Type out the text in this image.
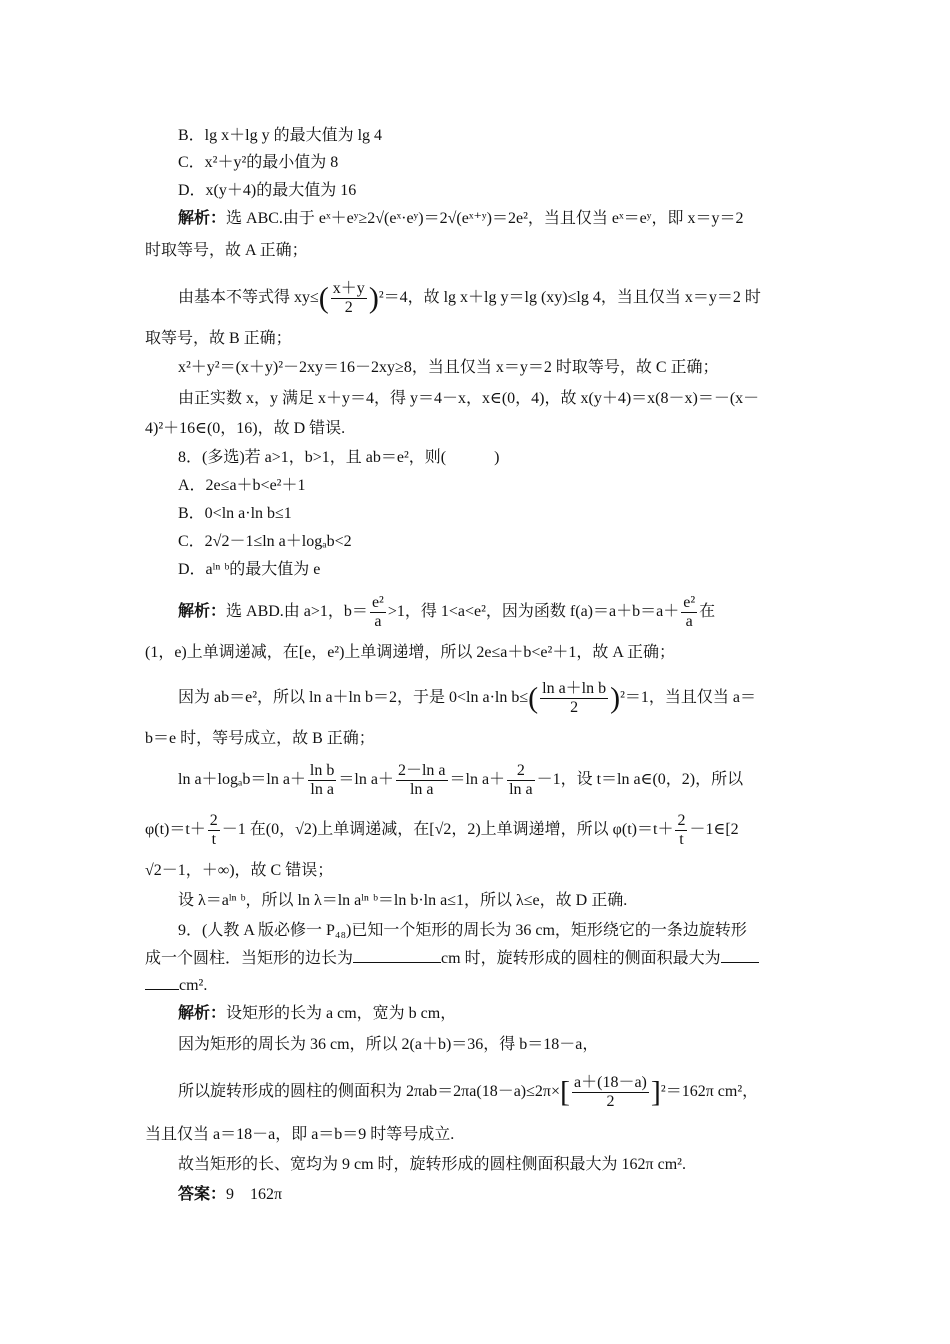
B．lg x＋lg y 的最大值为 lg 4
C．x²＋y²的最小值为 8
D．x(y＋4)的最大值为 16
解析：选 ABC.由于 eˣ＋eʸ≥2√(eˣ·eʸ)＝2√(eˣ⁺ʸ)＝2e²，当且仅当 eˣ＝eʸ，即 x＝y＝2
时取等号，故 A 正确；
由基本不等式得 $xy\le( \frac{x+y}{2} )^2=4$，故 lg x＋lg y＝lg (xy)≤lg 4，当且仅当 x＝y＝2 时
取等号，故 B 正确；
x²＋y²＝(x＋y)²－2xy＝16－2xy≥8，当且仅当 x＝y＝2 时取等号，故 C 正确；
由正实数 x，y 满足 x＋y＝4，得 y＝4－x，x∈(0，4)，故 x(y＋4)＝x(8－x)＝－(x－
4)²＋16∈(0，16)，故 D 错误.
8．(多选)若 a>1，b>1，且 ab＝e²，则(　　　)
A．2e≤a＋b<e²＋1
B．0<ln a·ln b≤1
C．2√2－1≤ln a＋logₐb<2
D．aˡⁿ ᵇ的最大值为 e
解析：选 ABD.由 a>1，$b= \frac{\text{e²}}{a} >1$，得 1<a<e²，因为函数 $f(a)=a+b=a+ \frac{\text{e²}}{a}$ 在
(1，e)上单调递减，在[e，e²)上单调递增，所以 2e≤a＋b<e²＋1，故 A 正确；
因为 ab＝e²，所以 ln a＋ln b＝2，于是 0<ln a·ln $b\le( \frac{\text{ln a＋ln b}}{2} )^2=1$，当且仅当 a＝
b＝e 时，等号成立，故 B 正确；
ln a＋logₐb＝ln $a+ \frac{\text{ln b}}{\text{ln a}} =\ln$ $a+ \frac{\text{2－ln a}}{\text{ln a}} =\ln$ $a+ \frac{2}{\text{ln a}} -1$，设 t＝ln a∈(0，2)，所以
$\varphi(t)=t+ \frac{2}{t} -1$ 在(0，√2)上单调递减，在[√2，2)上单调递增，所以 $\varphi(t)=t+ \frac{2}{t}$ －1∈[2
√2－1，＋∞)，故 C 错误；
设 λ＝aˡⁿ ᵇ，所以 ln λ＝ln aˡⁿ ᵇ＝ln b·ln a≤1，所以 λ≤e，故 D 正确.
9．(人教 A 版必修一 P₄₈)已知一个矩形的周长为 36 cm，矩形绕它的一条边旋转形
成一个圆柱．当矩形的边长为	cm 时，旋转形成的圆柱的侧面积最大为
cm².
解析：设矩形的长为 a cm，宽为 b cm，
因为矩形的周长为 36 cm，所以 2(a＋b)＝36，得 b＝18－a，
所以旋转形成的圆柱的侧面积为 $2\pi ab=2\pi a(18-a)\le 2\pi\times[ \frac{a+(18-a)}{2} ]^2=162\pi$ cm²，
当且仅当 a＝18－a，即 a＝b＝9 时等号成立.
故当矩形的长、宽均为 9 cm 时，旋转形成的圆柱侧面积最大为 162π cm².
答案：9　162π
